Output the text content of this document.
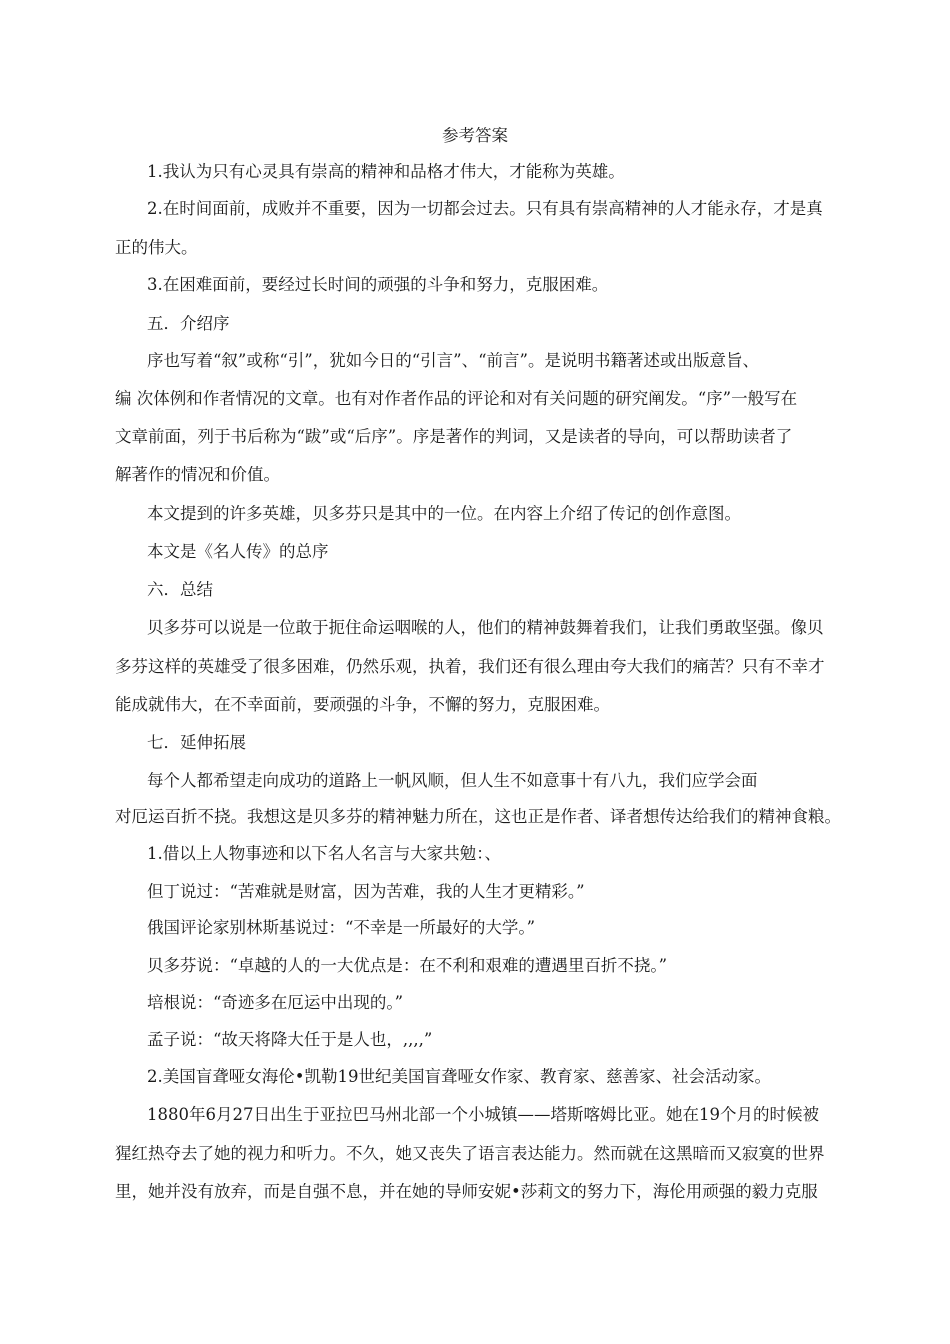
参考答案

1.我认为只有心灵具有崇高的精神和品格才伟大，才能称为英雄。

2.在时间面前，成败并不重要，因为一切都会过去。只有具有崇高精神的人才能永存，才是真

正的伟大。

3.在困难面前，要经过长时间的顽强的斗争和努力，克服困难。

五．介绍序

序也写着“叙”或称“引”，犹如今日的“引言”、“前言”。是说明书籍著述或出版意旨、

编 次体例和作者情况的文章。也有对作者作品的评论和对有关问题的研究阐发。“序”一般写在

文章前面，列于书后称为“跋”或“后序”。序是著作的判词，又是读者的导向，可以帮助读者了

解著作的情况和价值。

本文提到的许多英雄，贝多芬只是其中的一位。在内容上介绍了传记的创作意图。

本文是《名人传》的总序

六．总结

贝多芬可以说是一位敢于扼住命运咽喉的人，他们的精神鼓舞着我们，让我们勇敢坚强。像贝

多芬这样的英雄受了很多困难，仍然乐观，执着，我们还有很么理由夸大我们的痛苦？只有不幸才

能成就伟大，在不幸面前，要顽强的斗争，不懈的努力，克服困难。

七．延伸拓展

每个人都希望走向成功的道路上一帆风顺，但人生不如意事十有八九，我们应学会面

对厄运百折不挠。我想这是贝多芬的精神魅力所在，这也正是作者、译者想传达给我们的精神食粮。

1.借以上人物事迹和以下名人名言与大家共勉：、

但丁说过：“苦难就是财富，因为苦难，我的人生才更精彩。”

俄国评论家别林斯基说过：“不幸是一所最好的大学。”

贝多芬说：“卓越的人的一大优点是：在不利和艰难的遭遇里百折不挠。”

培根说：“奇迹多在厄运中出现的。”

孟子说：“故天将降大任于是人也，,,,,”

2.美国盲聋哑女海伦•凯勒19世纪美国盲聋哑女作家、教育家、慈善家、社会活动家。

1880年6月27日出生于亚拉巴马州北部一个小城镇——塔斯喀姆比亚。她在19个月的时候被

猩红热夺去了她的视力和听力。不久，她又丧失了语言表达能力。然而就在这黑暗而又寂寞的世界

里，她并没有放弃，而是自强不息，并在她的导师安妮•莎莉文的努力下，海伦用顽强的毅力克服
